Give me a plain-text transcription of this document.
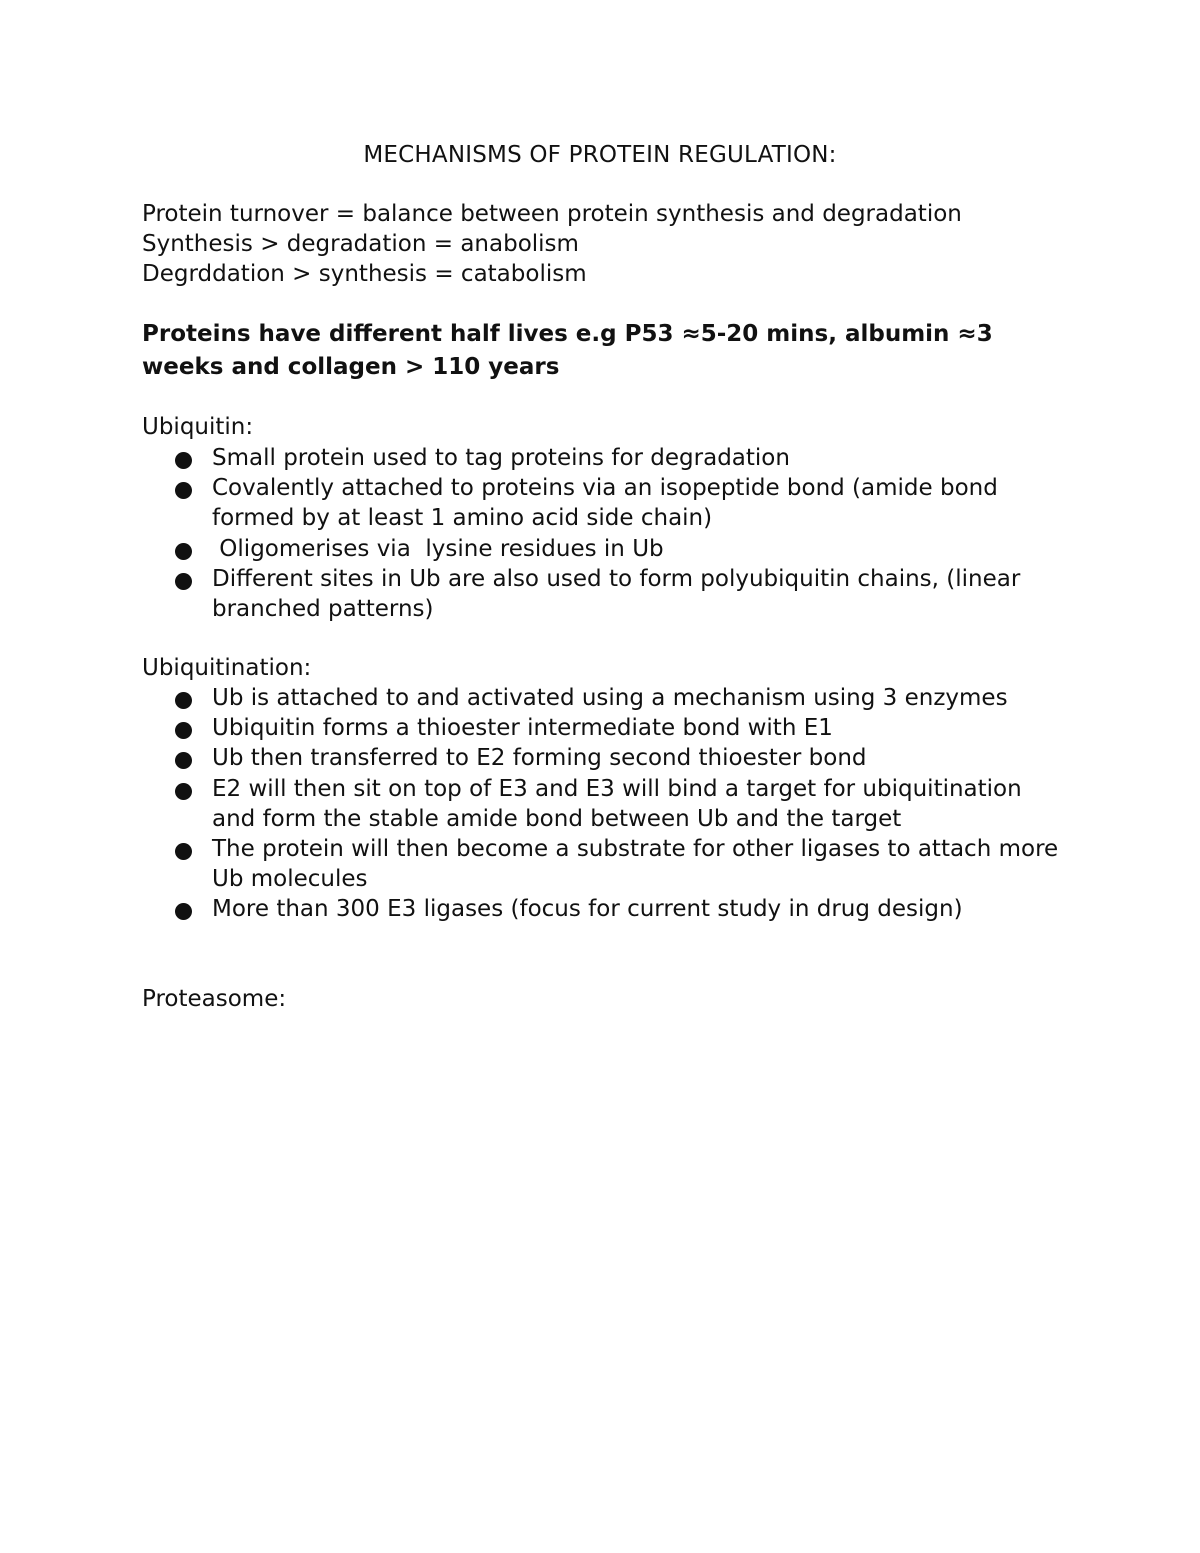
MECHANISMS OF PROTEIN REGULATION:

Protein turnover = balance between protein synthesis and degradation

Synthesis > degradation = anabolism

Degrddation > synthesis = catabolism

Proteins have different half lives e.g P53 ≈5-20 mins, albumin ≈3 weeks and collagen > 110 years
Ubiquitin:
Small protein used to tag proteins for degradation
Covalently attached to proteins via an isopeptide bond (amide bond formed by at least 1 amino acid side chain)
Oligomerises via  lysine residues in Ub
Different sites in Ub are also used to form polyubiquitin chains, (linear branched patterns)
Ubiquitination:
Ub is attached to and activated using a mechanism using 3 enzymes
Ubiquitin forms a thioester intermediate bond with E1
Ub then transferred to E2 forming second thioester bond
E2 will then sit on top of E3 and E3 will bind a target for ubiquitination and form the stable amide bond between Ub and the target
The protein will then become a substrate for other ligases to attach more Ub molecules
More than 300 E3 ligases (focus for current study in drug design)
Proteasome:
